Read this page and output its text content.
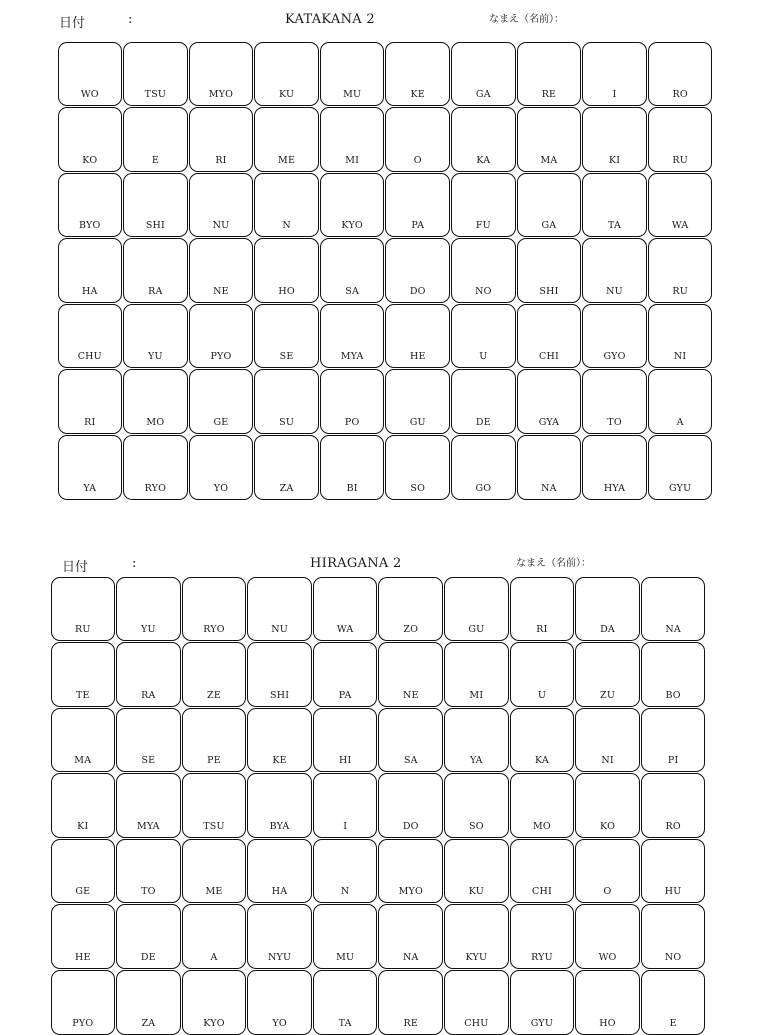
日付	:	KATAKANA 2	なまえ（名前）：
WO	TSU	MYO	KU	MU	KE	GA	RE	I	RO
KO	E	RI	ME	MI	O	KA	MA	KI	RU
BYO	SHI	NU	N	KYO	PA	FU	GA	TA	WA
HA	RA	NE	HO	SA	DO	NO	SHI	NU	RU
CHU	YU	PYO	SE	MYA	HE	U	CHI	GYO	NI
RI	MO	GE	SU	PO	GU	DE	GYA	TO	A
YA	RYO	YO	ZA	BI	SO	GO	NA	HYA	GYU
日付	:	HIRAGANA 2	なまえ（名前）：
RU	YU	RYO	NU	WA	ZO	GU	RI	DA	NA
TE	RA	ZE	SHI	PA	NE	MI	U	ZU	BO
MA	SE	PE	KE	HI	SA	YA	KA	NI	PI
KI	MYA	TSU	BYA	I	DO	SO	MO	KO	RO
GE	TO	ME	HA	N	MYO	KU	CHI	O	HU
HE	DE	A	NYU	MU	NA	KYU	RYU	WO	NO
PYO	ZA	KYO	YO	TA	RE	CHU	GYU	HO	E
